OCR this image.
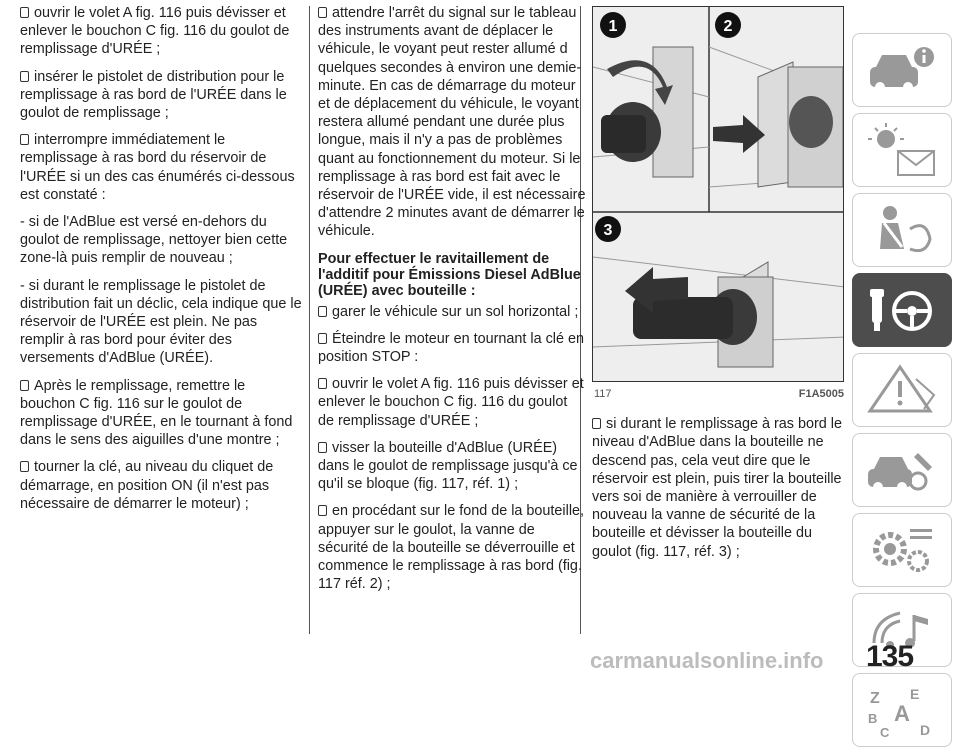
ouvrir le volet A fig. 116 puis dévisser et enlever le bouchon C fig. 116 du goulot de remplissage d'URÉE ;
insérer le pistolet de distribution pour le remplissage à ras bord de l'URÉE dans le goulot de remplissage ;
interrompre immédiatement le remplissage à ras bord du réservoir de l'URÉE si un des cas énumérés ci-dessous est constaté :
- si de l'AdBlue est versé en-dehors du goulot de remplissage, nettoyer bien cette zone-là puis remplir de nouveau ;
- si durant le remplissage le pistolet de distribution fait un déclic, cela indique que le réservoir de l'URÉE est plein. Ne pas remplir à ras bord pour éviter des versements d'AdBlue (URÉE).
Après le remplissage, remettre le bouchon C fig. 116 sur le goulot de remplissage d'URÉE, en le tournant à fond dans le sens des aiguilles d'une montre ;
tourner la clé, au niveau du cliquet de démarrage, en position ON (il n'est pas nécessaire de démarrer le moteur) ;
attendre l'arrêt du signal sur le tableau des instruments avant de déplacer le véhicule, le voyant peut rester allumé d quelques secondes à environ une demie-minute. En cas de démarrage du moteur et de déplacement du véhicule, le voyant restera allumé pendant une durée plus longue, mais il n'y a pas de problèmes quant au fonctionnement du moteur. Si le remplissage à ras bord est fait avec le réservoir de l'URÉE vide, il est nécessaire d'attendre 2 minutes avant de démarrer le véhicule.
Pour effectuer le ravitaillement de l'additif pour Émissions Diesel AdBlue (URÉE) avec bouteille :
garer le véhicule sur un sol horizontal ;
Éteindre le moteur en tournant la clé en position STOP :
ouvrir le volet A fig. 116 puis dévisser et enlever le bouchon C fig. 116 du goulot de remplissage d'URÉE ;
visser la bouteille d'AdBlue (URÉE) dans le goulot de remplissage jusqu'à ce qu'il se bloque (fig. 117, réf. 1) ;
en procédant sur le fond de la bouteille, appuyer sur le goulot, la vanne de sécurité de la bouteille se déverrouille et commence le remplissage à ras bord (fig. 117 réf. 2) ;
1	2
3
117	F1A5005
si durant le remplissage à ras bord le niveau d'AdBlue dans la bouteille ne descend pas, cela veut dire que le réservoir est plein, puis tirer la bouteille vers soi de manière à verrouiller de nouveau la vanne de sécurité de la bouteille et dévisser la bouteille du goulot (fig. 117, réf. 3) ;
Z E
A
B
C D
carmanualsonline.info 135
